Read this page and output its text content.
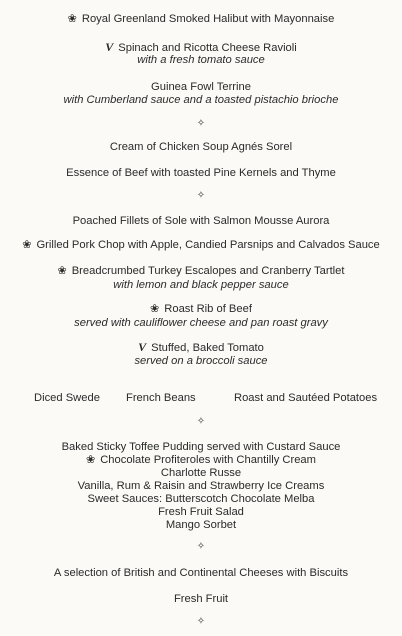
❀ Royal Greenland Smoked Halibut with Mayonnaise
V Spinach and Ricotta Cheese Ravioli
with a fresh tomato sauce
Guinea Fowl Terrine
with Cumberland sauce and a toasted pistachio brioche
✧
Cream of Chicken Soup Agnés Sorel
Essence of Beef with toasted Pine Kernels and Thyme
✧
Poached Fillets of Sole with Salmon Mousse Aurora
❀ Grilled Pork Chop with Apple, Candied Parsnips and Calvados Sauce
❀ Breadcrumbed Turkey Escalopes and Cranberry Tartlet
with lemon and black pepper sauce
❀ Roast Rib of Beef
served with cauliflower cheese and pan roast gravy
V Stuffed, Baked Tomato
served on a broccoli sauce
Diced Swede French Beans	Roast and Sautéed Potatoes
✧
Baked Sticky Toffee Pudding served with Custard Sauce
❀ Chocolate Profiteroles with Chantilly Cream
Charlotte Russe
Vanilla, Rum & Raisin and Strawberry Ice Creams
Sweet Sauces: Butterscotch Chocolate Melba
Fresh Fruit Salad
Mango Sorbet
✧
A selection of British and Continental Cheeses with Biscuits
Fresh Fruit
✧
